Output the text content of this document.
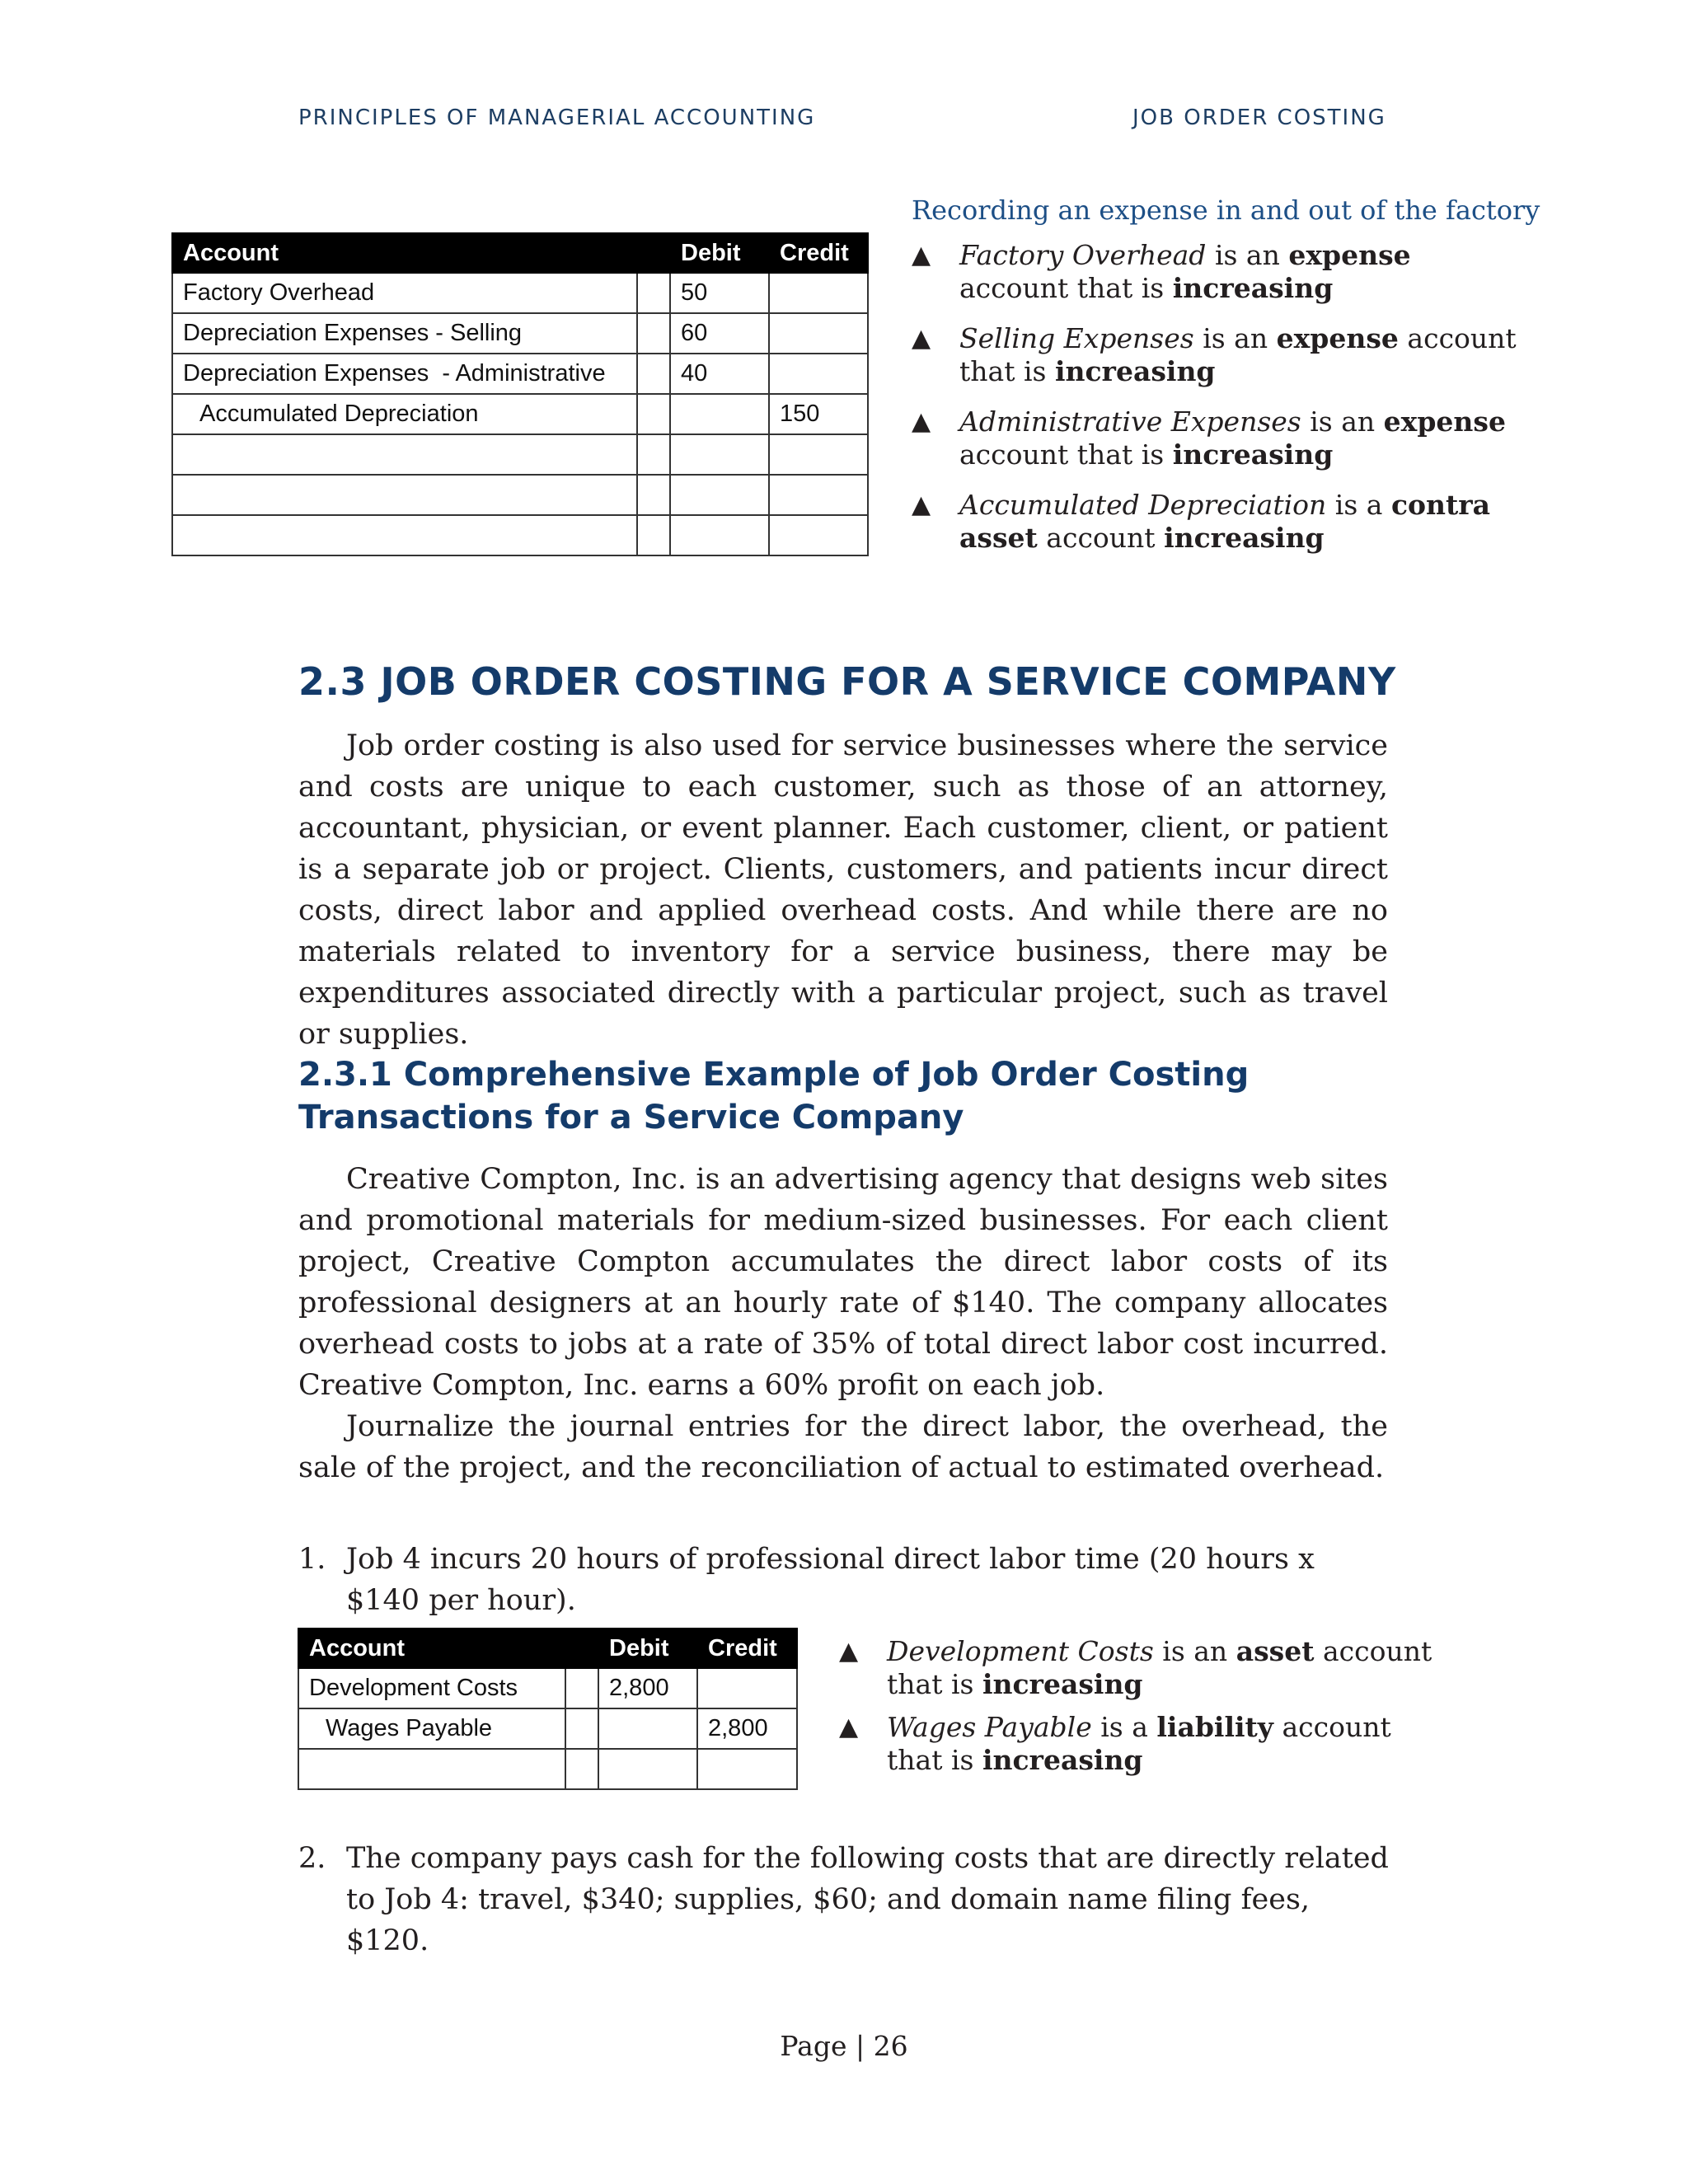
PRINCIPLES OF MANAGERIAL ACCOUNTING	JOB ORDER COSTING
Account		Debit	Credit
Factory Overhead		50	
Depreciation Expenses - Selling		60	
Depreciation Expenses  - Administrative		40	
Accumulated Depreciation			150

Recording an expense in and out of the factory
▲ Factory Overhead is an expense account that is increasing
▲ Selling Expenses is an expense account that is increasing
▲ Administrative Expenses is an expense account that is increasing
▲ Accumulated Depreciation is a contra asset account increasing
2.3 JOB ORDER COSTING FOR A SERVICE COMPANY

Job order costing is also used for service businesses where the service and costs are unique to each customer, such as those of an attorney, accountant, physician, or event planner. Each customer, client, or patient is a separate job or project. Clients, customers, and patients incur direct costs, direct labor and applied overhead costs. And while there are no materials related to inventory for a service business, there may be expenditures associated directly with a particular project, such as travel or supplies.

2.3.1 Comprehensive Example of Job Order Costing Transactions for a Service Company

Creative Compton, Inc. is an advertising agency that designs web sites and promotional materials for medium-sized businesses. For each client project, Creative Compton accumulates the direct labor costs of its professional designers at an hourly rate of $140. The company allocates overhead costs to jobs at a rate of 35% of total direct labor cost incurred. Creative Compton, Inc. earns a 60% profit on each job.

Journalize the journal entries for the direct labor, the overhead, the sale of the project, and the reconciliation of actual to estimated overhead.

1. Job 4 incurs 20 hours of professional direct labor time (20 hours x $140 per hour).
Account		Debit	Credit
Development Costs		2,800	
Wages Payable			2,800

▲ Development Costs is an asset account that is increasing
▲ Wages Payable is a liability account that is increasing
2. The company pays cash for the following costs that are directly related to Job 4: travel, $340; supplies, $60; and domain name filing fees, $120.
Page | 26
